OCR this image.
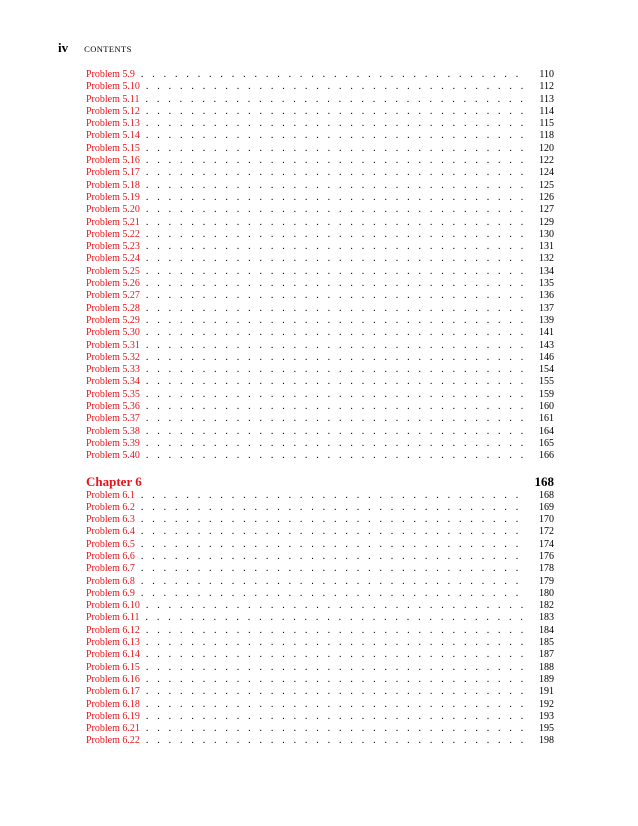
iv CONTENTS
Problem 5.9 . . .	110
Problem 5.10 . . .	112
Problem 5.11 . . .	113
Problem 5.12 . . .	114
Problem 5.13 . . .	115
Problem 5.14 . . .	118
Problem 5.15 . . .	120
Problem 5.16 . . .	122
Problem 5.17 . . .	124
Problem 5.18 . . .	125
Problem 5.19 . . .	126
Problem 5.20 . . .	127
Problem 5.21 . . .	129
Problem 5.22 . . .	130
Problem 5.23 . . .	131
Problem 5.24 . . .	132
Problem 5.25 . . .	134
Problem 5.26 . . .	135
Problem 5.27 . . .	136
Problem 5.28 . . .	137
Problem 5.29 . . .	139
Problem 5.30 . . .	141
Problem 5.31 . . .	143
Problem 5.32 . . .	146
Problem 5.33 . . .	154
Problem 5.34 . . .	155
Problem 5.35 . . .	159
Problem 5.36 . . .	160
Problem 5.37 . . .	161
Problem 5.38 . . .	164
Problem 5.39 . . .	165
Problem 5.40 . . .	166
Chapter 6	168
Problem 6.1 . . .	168
Problem 6.2 . . .	169
Problem 6.3 . . .	170
Problem 6.4 . . .	172
Problem 6.5 . . .	174
Problem 6.6 . . .	176
Problem 6.7 . . .	178
Problem 6.8 . . .	179
Problem 6.9 . . .	180
Problem 6.10 . . .	182
Problem 6.11 . . .	183
Problem 6.12 . . .	184
Problem 6.13 . . .	185
Problem 6.14 . . .	187
Problem 6.15 . . .	188
Problem 6.16 . . .	189
Problem 6.17 . . .	191
Problem 6.18 . . .	192
Problem 6.19 . . .	193
Problem 6.21 . . .	195
Problem 6.22 . . .	198
